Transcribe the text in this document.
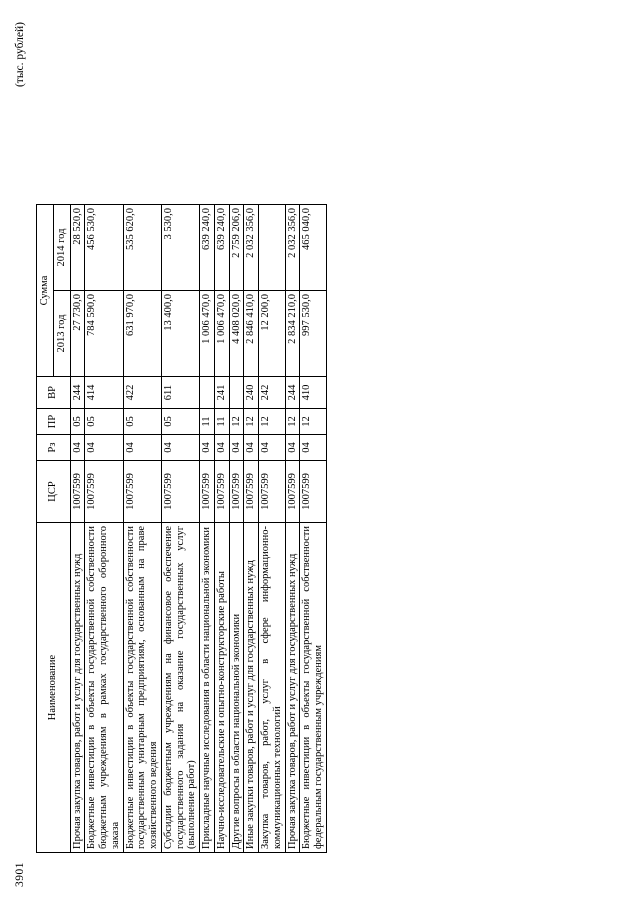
3901
(тыс. рублей)
Наименование	ЦСР	Рз	ПР	ВР	Сумма	
					2013 год	2014 год
Прочая закупка товаров, работ и услуг для государственных нужд	1007599	04	05	244	27 730,0	28 520,0
Бюджетные инвестиции в объекты государственной собственности бюджетным учреждениям в рамках государственного оборонного заказа	1007599	04	05	414	784 590,0	456 530,0
Бюджетные инвестиции в объекты государственной собственности государственным унитарным предприятиям, основанным на праве хозяйственного ведения	1007599	04	05	422	631 970,0	535 620,0
Субсидии бюджетным учреждениям на финансовое обеспечение государственного задания на оказание государственных услуг (выполнение работ)	1007599	04	05	611	13 400,0	3 530,0
Прикладные научные исследования в области национальной экономики	1007599	04	11		1 006 470,0	639 240,0
Научно-исследовательские и опытно-конструкторские работы	1007599	04	11	241	1 006 470,0	639 240,0
Другие вопросы в области национальной экономики	1007599	04	12		4 408 020,0	2 759 206,0
Иные закупки товаров, работ и услуг для государственных нужд	1007599	04	12	240	2 846 410,0	2 032 356,0
Закупка товаров, работ, услуг в сфере информационно-коммуникационных технологий	1007599	04	12	242	12 200,0	
Прочая закупка товаров, работ и услуг для государственных нужд	1007599	04	12	244	2 834 210,0	2 032 356,0
Бюджетные инвестиции в объекты государственной собственности федеральным государственным учреждениям	1007599	04	12	410	997 530,0	465 040,0
